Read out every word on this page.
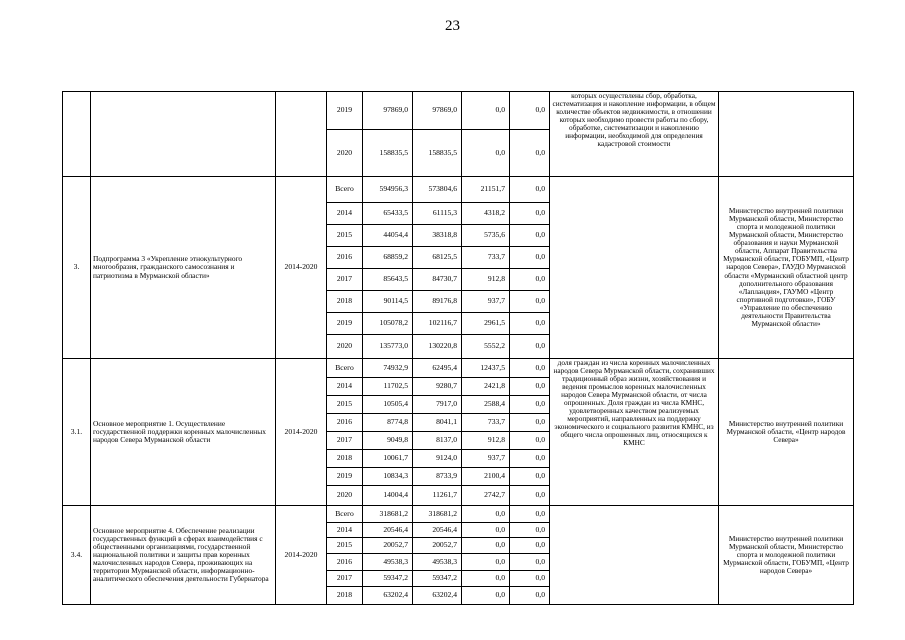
23
			2019	97869,0	97869,0	0,0	0,0	которых осуществлены сбор, обработка, систематизация и накопление информации, в общем количестве объектов недвижимости, в отношении которых необходимо провести работы по сбору, обработке, систематизации и накоплению информации, необходимой для определения кадастровой стоимости	
			2020	158835,5	158835,5	0,0	0,0		
3.	Подпрограмма 3 «Укрепление этнокультурного многообразия, гражданского самосознания и патриотизма в Мурманской области»	2014-2020	Всего	594956,3	573804,6	21151,7	0,0		Министерство внутренней политики Мурманской области, Министерство спорта и молодежной политики Мурманской области, Министерство образования и науки Мурманской области, Аппарат Правительства Мурманской области, ГОБУМП, «Центр народов Севера», ГАУДО Мурманской области «Мурманский областной центр дополнительного образования «Лапландия», ГАУМО «Центр спортивной подготовки», ГОБУ «Управление по обеспечению деятельности Правительства Мурманской области»
			2014	65433,5	61115,3	4318,2	0,0		
			2015	44054,4	38318,8	5735,6	0,0		
			2016	68859,2	68125,5	733,7	0,0		
			2017	85643,5	84730,7	912,8	0,0		
			2018	90114,5	89176,8	937,7	0,0		
			2019	105078,2	102116,7	2961,5	0,0		
			2020	135773,0	130220,8	5552,2	0,0		
3.1.	Основное мероприятие 1. Осуществление государственной поддержки коренных малочисленных народов Севера Мурманской области	2014-2020	Всего	74932,9	62495,4	12437,5	0,0	доля граждан из числа коренных малочисленных народов Севера Мурманской области, сохранивших традиционный образ жизни, хозяйствования и ведения промыслов коренных малочисленных народов Севера Мурманской области, от числа опрошенных. Доля граждан из числа КМНС, удовлетворенных качеством реализуемых мероприятий, направленных на поддержку экономического и социального развития КМНС, из общего числа опрошенных лиц, относящихся к КМНС	Министерство внутренней политики Мурманской области, «Центр народов Севера»
			2014	11702,5	9280,7	2421,8	0,0		
			2015	10505,4	7917,0	2588,4	0,0		
			2016	8774,8	8041,1	733,7	0,0		
			2017	9049,8	8137,0	912,8	0,0		
			2018	10061,7	9124,0	937,7	0,0		
			2019	10834,3	8733,9	2100,4	0,0		
			2020	14004,4	11261,7	2742,7	0,0		
3.4.	Основное мероприятие 4. Обеспечение реализации государственных функций в сферах взаимодействия с общественными организациями, государственной национальной политики и защиты прав коренных малочисленных народов Севера, проживающих на территории Мурманской области, информационно-аналитического обеспечения деятельности Губернатора	2014-2020	Всего	318681,2	318681,2	0,0	0,0		Министерство внутренней политики Мурманской области, Министерство спорта и молодежной политики Мурманской области, ГОБУМП, «Центр народов Севера»
			2014	20546,4	20546,4	0,0	0,0		
			2015	20052,7	20052,7	0,0	0,0		
			2016	49538,3	49538,3	0,0	0,0		
			2017	59347,2	59347,2	0,0	0,0		
			2018	63202,4	63202,4	0,0	0,0		
